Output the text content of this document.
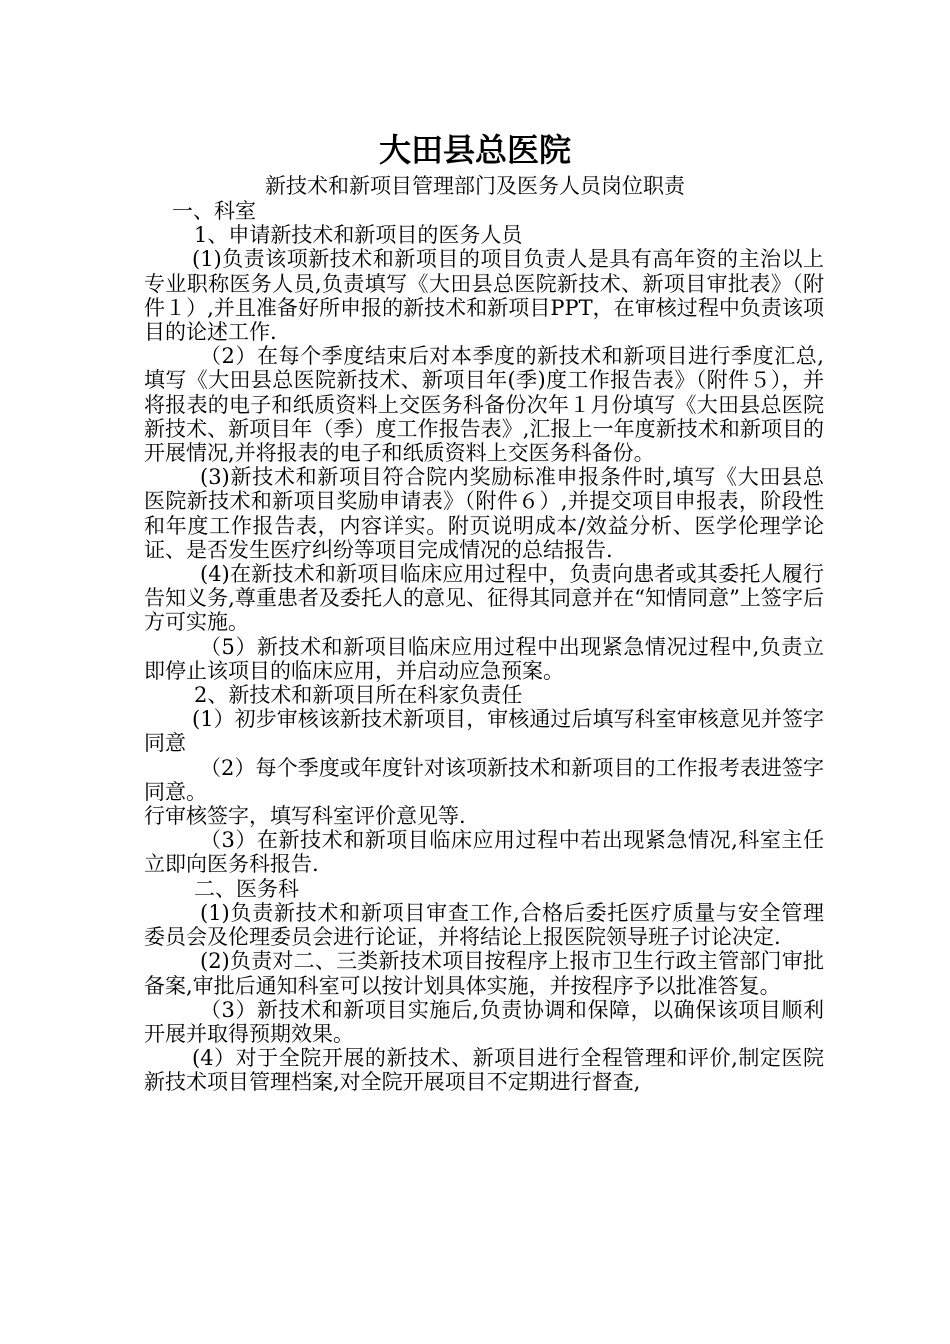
大田县总医院
新技术和新项目管理部门及医务人员岗位职责

一、科室

1、申请新技术和新项目的医务人员

(1)负责该项新技术和新项目的项目负责人是具有高年资的主治以上专业职称医务人员,负责填写《大田县总医院新技术、新项目审批表》（附件１）,并且准备好所申报的新技术和新项目PPT，在审核过程中负责该项目的论述工作.

（2）在每个季度结束后对本季度的新技术和新项目进行季度汇总,填写《大田县总医院新技术、新项目年(季)度工作报告表》（附件５），并将报表的电子和纸质资料上交医务科备份次年１月份填写《大田县总医院新技术、新项目年（季）度工作报告表》,汇报上一年度新技术和新项目的开展情况,并将报表的电子和纸质资料上交医务科备份。

(3)新技术和新项目符合院内奖励标准申报条件时,填写《大田县总医院新技术和新项目奖励申请表》（附件６）,并提交项目申报表，阶段性和年度工作报告表，内容详实。附页说明成本/效益分析、医学伦理学论证、是否发生医疗纠纷等项目完成情况的总结报告.

(4)在新技术和新项目临床应用过程中，负责向患者或其委托人履行告知义务,尊重患者及委托人的意见、征得其同意并在“知情同意”上签字后方可实施。

（5）新技术和新项目临床应用过程中出现紧急情况过程中,负责立即停止该项目的临床应用，并启动应急预案。

2、新技术和新项目所在科家负责任

(1）初步审核该新技术新项目，审核通过后填写科室审核意见并签字同意

（2）每个季度或年度针对该项新技术和新项目的工作报考表进签字同意。

行审核签字，填写科室评价意见等.

（3）在新技术和新项目临床应用过程中若出现紧急情况,科室主任立即向医务科报告.

二、医务科

(1)负责新技术和新项目审查工作,合格后委托医疗质量与安全管理委员会及伦理委员会进行论证，并将结论上报医院领导班子讨论决定.

(2)负责对二、三类新技术项目按程序上报市卫生行政主管部门审批备案,审批后通知科室可以按计划具体实施，并按程序予以批准答复。

（3）新技术和新项目实施后,负责协调和保障，以确保该项目顺利开展并取得预期效果。

(4）对于全院开展的新技术、新项目进行全程管理和评价,制定医院新技术项目管理档案,对全院开展项目不定期进行督查,
